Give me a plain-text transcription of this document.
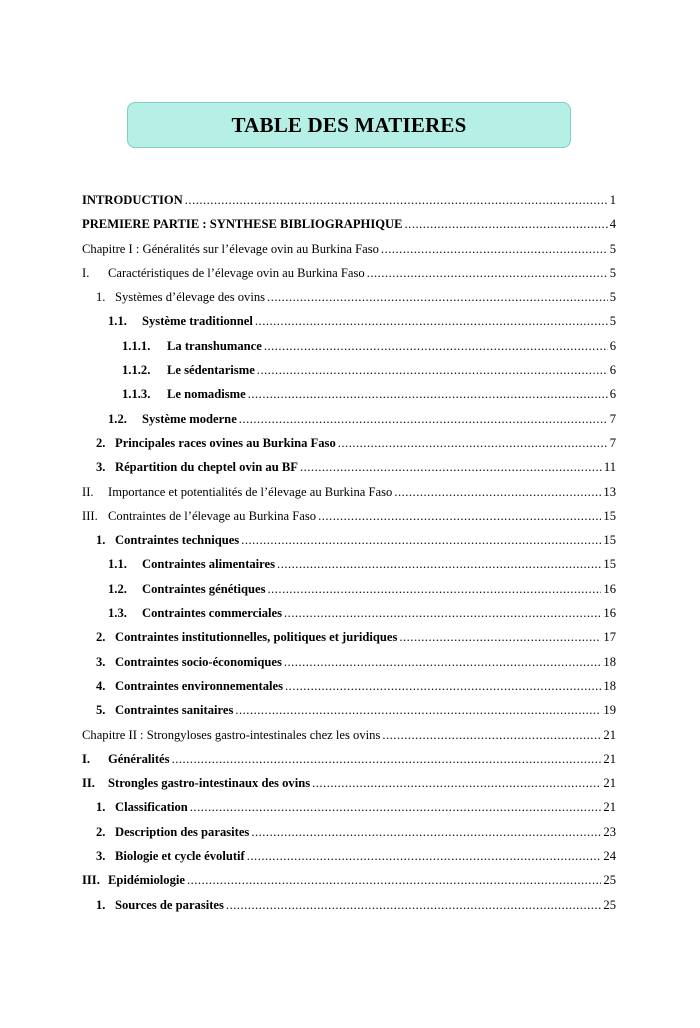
TABLE DES MATIERES
INTRODUCTION .....	1
PREMIERE PARTIE : SYNTHESE BIBLIOGRAPHIQUE .....	4
Chapitre I : Généralités sur l’élevage ovin au Burkina Faso .....	5
I. Caractéristiques de l’élevage ovin au Burkina Faso .....	5
1. Systèmes d’élevage des ovins .....	5
1.1. Système traditionnel .....	5
1.1.1. La transhumance .....	6
1.1.2. Le sédentarisme .....	6
1.1.3. Le nomadisme .....	6
1.2. Système moderne .....	7
2. Principales races ovines au Burkina Faso .....	7
3. Répartition du cheptel ovin au BF .....	11
II. Importance et potentialités de l’élevage au Burkina Faso .....	13
III. Contraintes de l’élevage au Burkina Faso .....	15
1. Contraintes techniques .....	15
1.1. Contraintes alimentaires .....	15
1.2. Contraintes génétiques .....	16
1.3. Contraintes commerciales .....	16
2. Contraintes institutionnelles, politiques et juridiques .....	17
3. Contraintes socio-économiques .....	18
4. Contraintes environnementales .....	18
5. Contraintes sanitaires .....	19
Chapitre II : Strongyloses gastro-intestinales chez les ovins .....	21
I. Généralités .....	21
II. Strongles gastro-intestinaux des ovins .....	21
1. Classification .....	21
2. Description des parasites .....	23
3. Biologie et cycle évolutif .....	24
III. Epidémiologie .....	25
1. Sources de parasites .....	25
